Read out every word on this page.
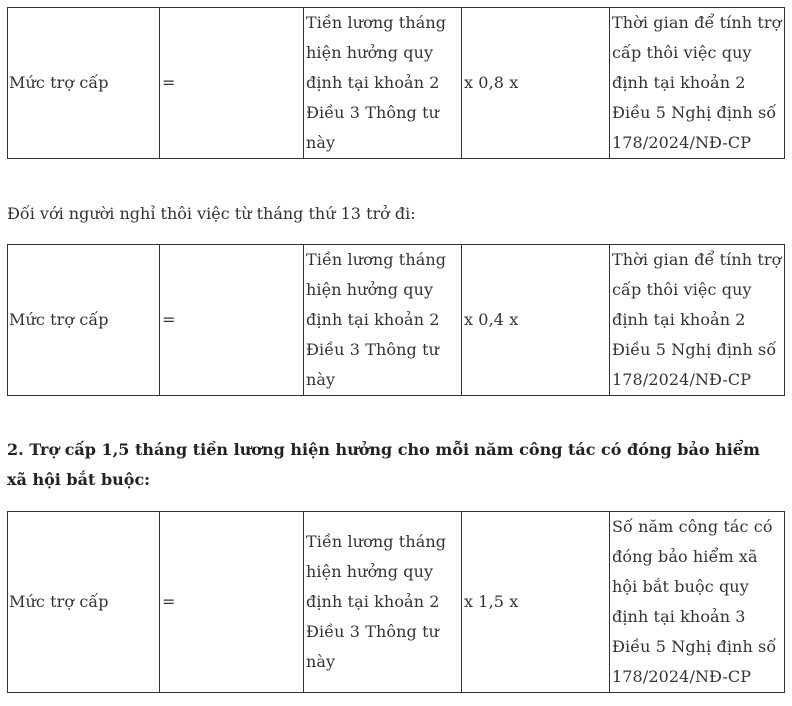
Mức trợ cấp	=	Tiền lương tháng hiện hưởng quy định tại khoản 2 Điều 3 Thông tư này	x 0,8 x	Thời gian để tính trợ cấp thôi việc quy định tại khoản 2 Điều 5 Nghị định số 178/2024/NĐ-CP

Đối với người nghỉ thôi việc từ tháng thứ 13 trở đi:

Mức trợ cấp	=	Tiền lương tháng hiện hưởng quy định tại khoản 2 Điều 3 Thông tư này	x 0,4 x	Thời gian để tính trợ cấp thôi việc quy định tại khoản 2 Điều 5 Nghị định số 178/2024/NĐ-CP

2. Trợ cấp 1,5 tháng tiền lương hiện hưởng cho mỗi năm công tác có đóng bảo hiểm xã hội bắt buộc:

Mức trợ cấp	=	Tiền lương tháng hiện hưởng quy định tại khoản 2 Điều 3 Thông tư này	x 1,5 x	Số năm công tác có đóng bảo hiểm xã hội bắt buộc quy định tại khoản 3 Điều 5 Nghị định số 178/2024/NĐ-CP
